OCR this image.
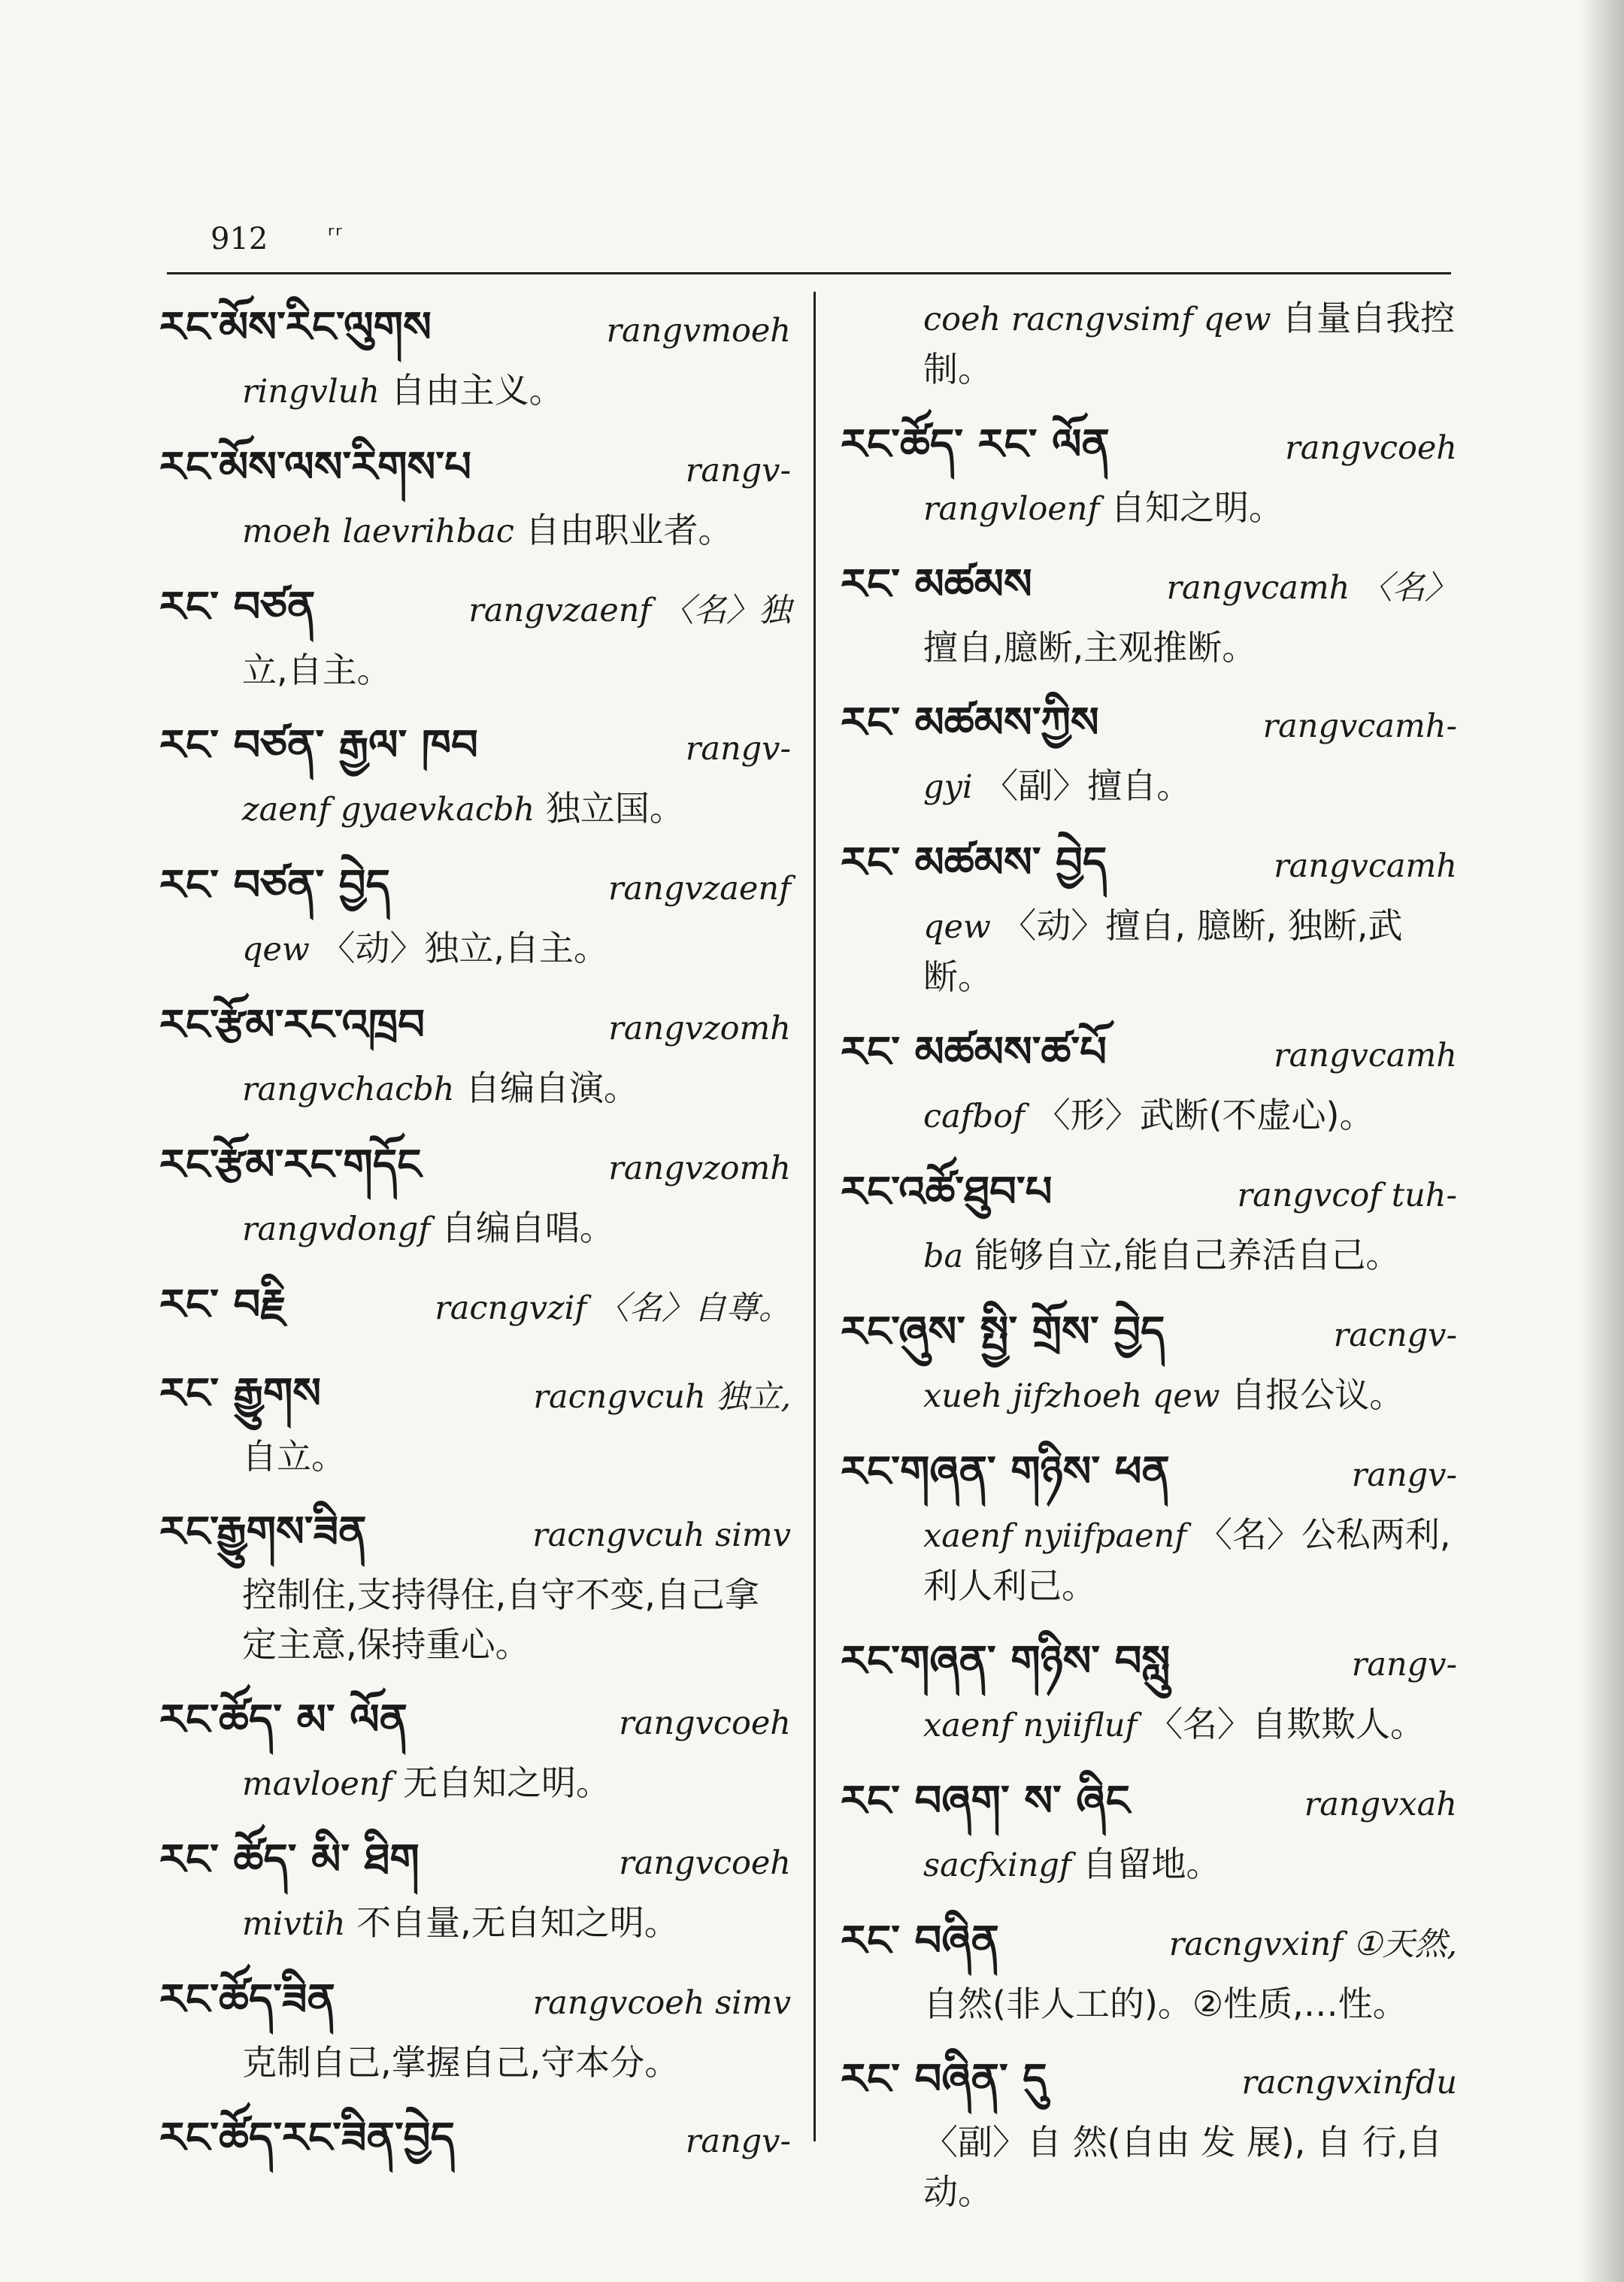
912 ᵣᵣ
རང་མོས་རིང་ལུགས	rangvmoeh
ringvluh 自由主义。
རང་མོས་ལས་རིགས་པ	rangv-
moeh laevrihbac 自由职业者。
རང་ བཙན	rangvzaenf 〈名〉独
立,自主。
རང་ བཙན་ རྒྱལ་ ཁབ	rangv-
zaenf gyaevkacbh 独立国。
རང་ བཙན་ བྱེད	rangvzaenf
qew 〈动〉独立,自主。
རང་རྩོམ་རང་འཁྲབ	rangvzomh
rangvchacbh 自编自演。
རང་རྩོམ་རང་གདོང	rangvzomh
rangvdongf 自编自唱。
རང་ བརྗི	racngvzif 〈名〉自尊。
རང་ རྒྱུགས	racngvcuh 独立,
自立。
རང་རྒྱུགས་ཟིན	racngvcuh simv
控制住,支持得住,自守不变,自己拿定主意,保持重心。
རང་ཚོད་ མ་ ལོན	rangvcoeh
mavloenf 无自知之明。
རང་ ཚོད་ མི་ ཐིག	rangvcoeh
mivtih 不自量,无自知之明。
རང་ཚོད་ཟིན	rangvcoeh simv
克制自己,掌握自己,守本分。
རང་ཚོད་རང་ཟིན་བྱེད	rangv-
coeh racngvsimf qew 自量自我控制。
རང་ཚོད་ རང་ ལོན	rangvcoeh
rangvloenf 自知之明。
རང་ མཚམས	rangvcamh 〈名〉
擅自,臆断,主观推断。
རང་ མཚམས་ཀྱིས	rangvcamh-
gyi 〈副〉擅自。
རང་ མཚམས་ བྱེད	rangvcamh
qew 〈动〉擅自, 臆断, 独断,武断。
རང་ མཚམས་ཚ་པོ	rangvcamh
cafbof 〈形〉武断(不虚心)。
རང་འཚོ་ཐུབ་པ	rangvcof tuh-
ba 能够自立,能自己养活自己。
རང་ཞུས་ སྤྱི་ གྲོས་ བྱེད	racngv-
xueh jifzhoeh qew 自报公议。
རང་གཞན་ གཉིས་ ཕན	rangv-
xaenf nyiifpaenf 〈名〉公私两利,利人利己。
རང་གཞན་ གཉིས་ བསླུ	rangv-
xaenf nyiifluf 〈名〉自欺欺人。
རང་ བཞག་ ས་ ཞིང	rangvxah
sacfxingf 自留地。
རང་ བཞིན	racngvxinf ①天然,
自然(非人工的)。②性质,…性。
རང་ བཞིན་ དུ	racngvxinfdu
〈副〉自 然(自由 发 展), 自 行,自动。
